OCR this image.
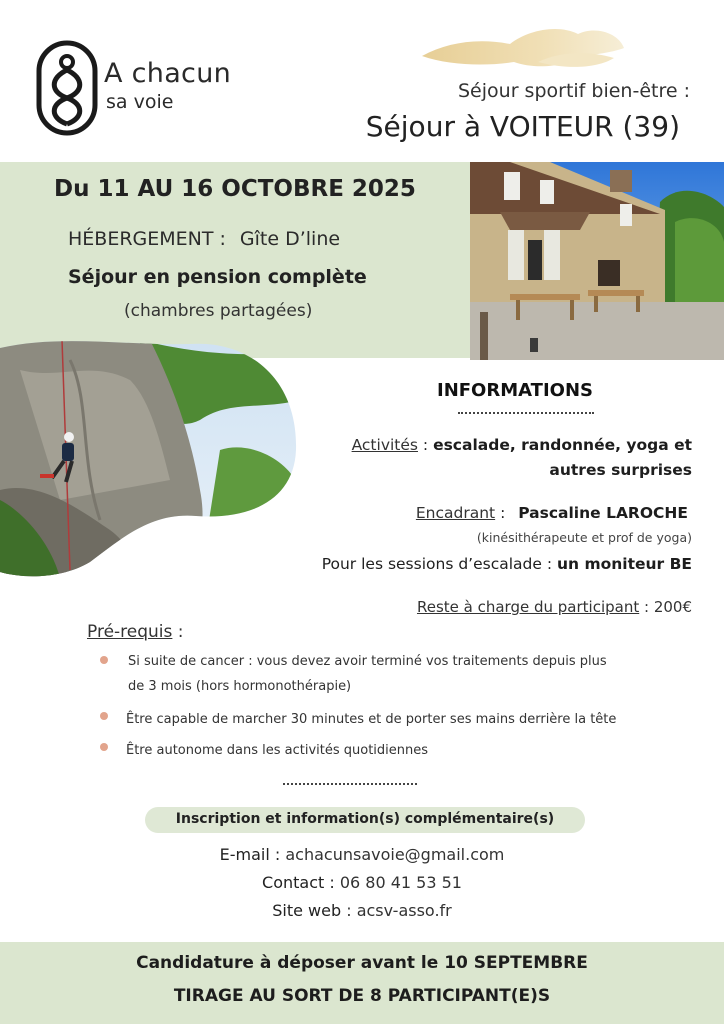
A chacun
sa voie	Séjour sportif bien-être :
Séjour à VOITEUR (39)
Du 11 AU 16 OCTOBRE 2025
HÉBERGEMENT : Gîte D’line
Séjour en pension complète
(chambres partagées)
INFORMATIONS
Activités : escalade, randonnée, yoga et
autres surprises
Encadrant : Pascaline LAROCHE
(kinésithérapeute et prof de yoga)
Pour les sessions d’escalade : un moniteur BE
Reste à charge du participant : 200€
Pré-requis :
Si suite de cancer : vous devez avoir terminé vos traitements depuis plus
de 3 mois (hors hormonothérapie)
Être capable de marcher 30 minutes et de porter ses mains derrière la tête
Être autonome dans les activités quotidiennes
Inscription et information(s) complémentaire(s)
E-mail : achacunsavoie@gmail.com
Contact : 06 80 41 53 51
Site web : acsv-asso.fr
Candidature à déposer avant le 10 SEPTEMBRE
TIRAGE AU SORT DE 8 PARTICIPANT(E)S
